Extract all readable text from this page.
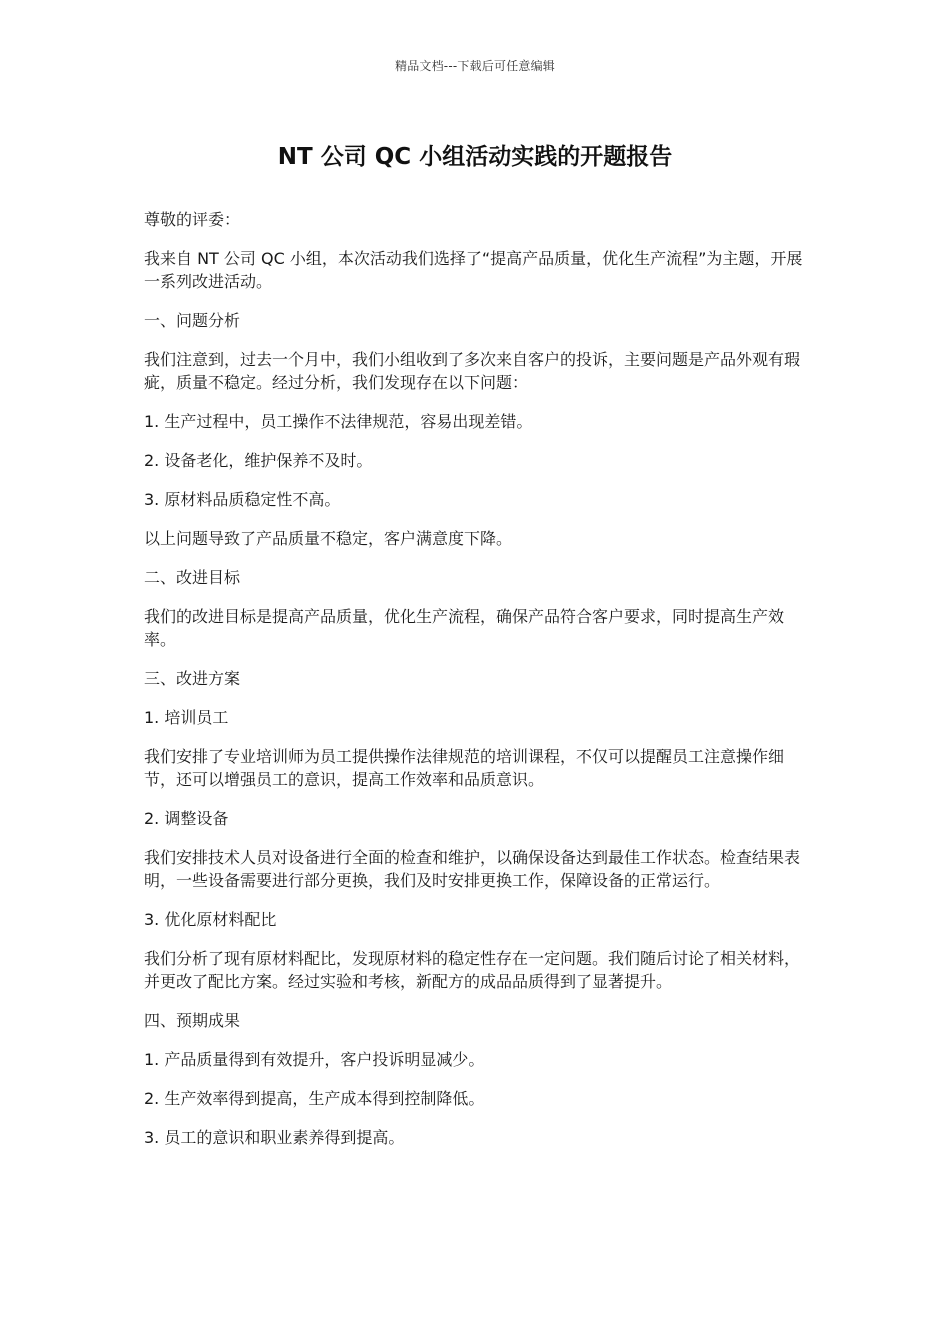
精品文档---下载后可任意编辑
NT 公司 QC 小组活动实践的开题报告

尊敬的评委：

我来自 NT 公司 QC 小组，本次活动我们选择了“提高产品质量，优化生产流程”为主题，开展一系列改进活动。

一、问题分析

我们注意到，过去一个月中，我们小组收到了多次来自客户的投诉，主要问题是产品外观有瑕疵，质量不稳定。经过分析，我们发现存在以下问题：

1. 生产过程中，员工操作不法律规范，容易出现差错。

2. 设备老化，维护保养不及时。

3. 原材料品质稳定性不高。

以上问题导致了产品质量不稳定，客户满意度下降。

二、改进目标

我们的改进目标是提高产品质量，优化生产流程，确保产品符合客户要求，同时提高生产效率。

三、改进方案

1. 培训员工

我们安排了专业培训师为员工提供操作法律规范的培训课程，不仅可以提醒员工注意操作细节，还可以增强员工的意识，提高工作效率和品质意识。

2. 调整设备

我们安排技术人员对设备进行全面的检查和维护，以确保设备达到最佳工作状态。检查结果表明，一些设备需要进行部分更换，我们及时安排更换工作，保障设备的正常运行。

3. 优化原材料配比

我们分析了现有原材料配比，发现原材料的稳定性存在一定问题。我们随后讨论了相关材料，并更改了配比方案。经过实验和考核，新配方的成品品质得到了显著提升。

四、预期成果

1. 产品质量得到有效提升，客户投诉明显减少。

2. 生产效率得到提高，生产成本得到控制降低。

3. 员工的意识和职业素养得到提高。
